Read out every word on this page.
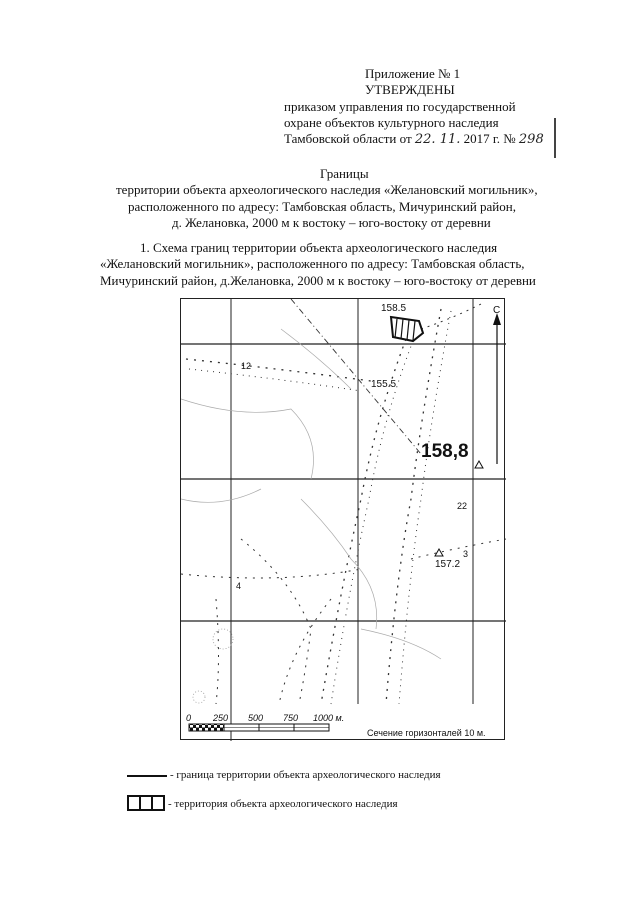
Приложение № 1
УТВЕРЖДЕНЫ
приказом управления по государственной
охране объектов культурного наследия
Тамбовской области от 22. 11. 2017 г. № 298
Границы
территории объекта археологического наследия «Желановский могильник»,
расположенного по адресу: Тамбовская область, Мичуринский район,
д. Желановка, 2000 м к востоку – юго-востоку от деревни
1. Схема границ территории объекта археологического наследия
«Желановский могильник», расположенного по адресу: Тамбовская область,
Мичуринский район, д.Желановка, 2000 м к востоку – юго-востоку от деревни
158.5
155.5
158,8
157.2
12
22
3
4
С
0 250 500 750 1000 м.
Сечение горизонталей 10 м.
- граница территории объекта археологического наследия
- территория объекта археологического наследия
